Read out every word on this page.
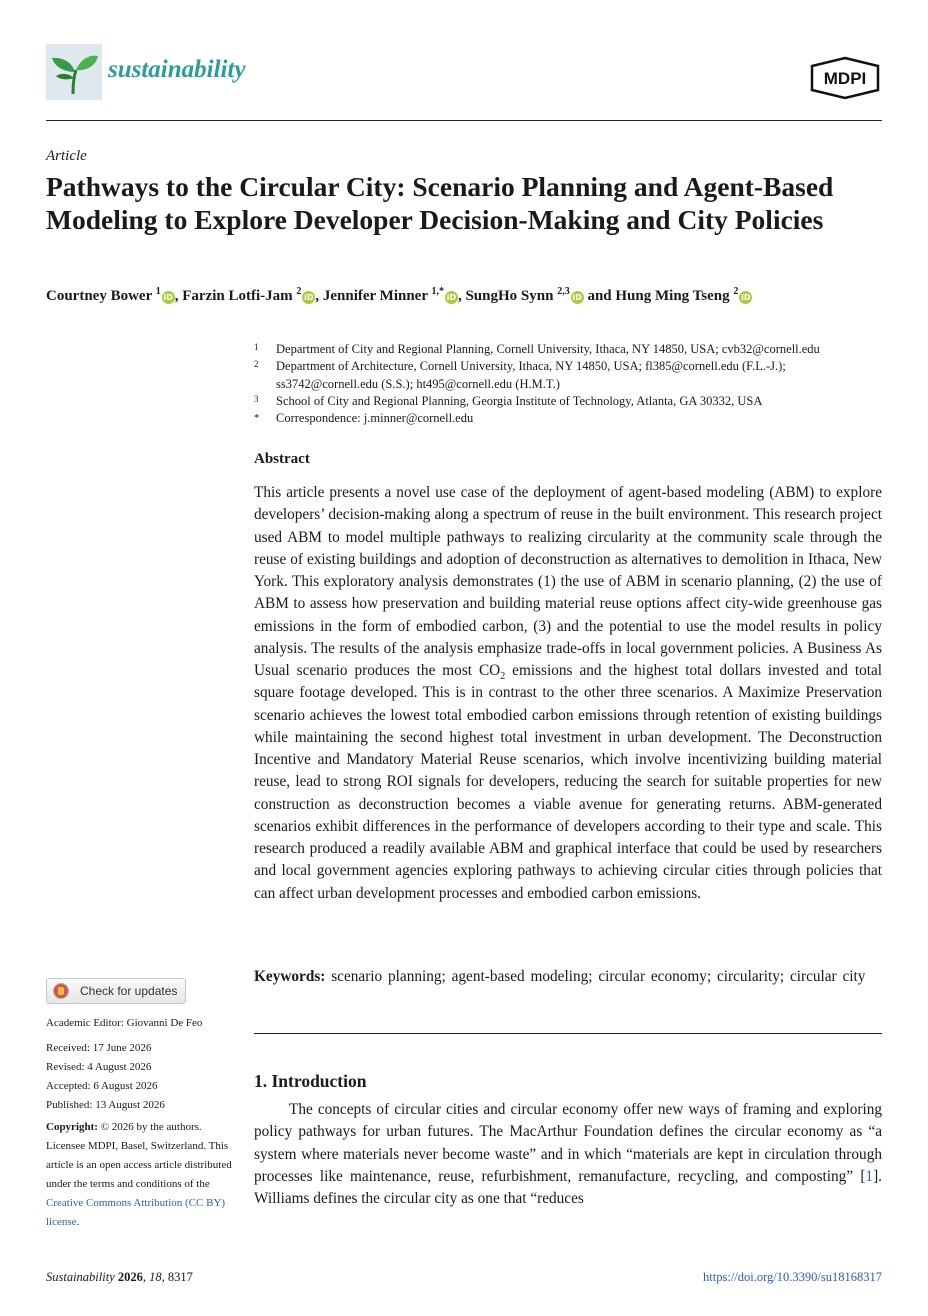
sustainability	MDPI
Article
Pathways to the Circular City: Scenario Planning and Agent-Based Modeling to Explore Developer Decision-Making and City Policies
Courtney Bower $^1$iD , Farzin Lotfi-Jam $^2$iD , Jennifer Minner $^{1,*}$iD , SungHo Synn $^{2,3}$iD and Hung Ming Tseng $^2$iD
1 Department of City and Regional Planning, Cornell University, Ithaca, NY 14850, USA; cvb32@cornell.edu
2 Department of Architecture, Cornell University, Ithaca, NY 14850, USA; fl385@cornell.edu (F.L.-J.); ss3742@cornell.edu (S.S.); ht495@cornell.edu (H.M.T.)
3 School of City and Regional Planning, Georgia Institute of Technology, Atlanta, GA 30332, USA
* Correspondence: j.minner@cornell.edu
Abstract

This article presents a novel use case of the deployment of agent-based modeling (ABM) to explore developers’ decision-making along a spectrum of reuse in the built environment. This research project used ABM to model multiple pathways to realizing circularity at the community scale through the reuse of existing buildings and adoption of deconstruction as alternatives to demolition in Ithaca, New York. This exploratory analysis demonstrates (1) the use of ABM in scenario planning, (2) the use of ABM to assess how preservation and building material reuse options affect city-wide greenhouse gas emissions in the form of embodied carbon, (3) and the potential to use the model results in policy analysis. The results of the analysis emphasize trade-offs in local government policies. A Business As Usual scenario produces the most $CO_2$ emissions and the highest total dollars invested and total square footage developed. This is in contrast to the other three scenarios. A Maximize Preservation scenario achieves the lowest total embodied carbon emissions through retention of existing buildings while maintaining the second highest total investment in urban development. The Deconstruction Incentive and Mandatory Material Reuse scenarios, which involve incentivizing building material reuse, lead to strong ROI signals for developers, reducing the search for suitable properties for new construction as deconstruction becomes a viable avenue for generating returns. ABM-generated scenarios exhibit differences in the performance of developers according to their type and scale. This research produced a readily available ABM and graphical interface that could be used by researchers and local government agencies exploring pathways to achieving circular cities through policies that can affect urban development processes and embodied carbon emissions.

Keywords: scenario planning; agent-based modeling; circular economy; circularity; circular city
1. Introduction

The concepts of circular cities and circular economy offer new ways of framing and exploring policy pathways for urban futures. The MacArthur Foundation defines the circular economy as “a system where materials never become waste” and in which “materials are kept in circulation through processes like maintenance, reuse, refurbishment, remanufacture, recycling, and composting” [1]. Williams defines the circular city as one that “reduces

Check for updates
Academic Editor: Giovanni De Feo
Received: 17 June 2026
Revised: 4 August 2026
Accepted: 6 August 2026
Published: 13 August 2026
Copyright: © 2026 by the authors. Licensee MDPI, Basel, Switzerland. This article is an open access article distributed under the terms and conditions of the Creative Commons Attribution (CC BY) license.
Sustainability 2026, 18, 8317	https://doi.org/10.3390/su18168317
